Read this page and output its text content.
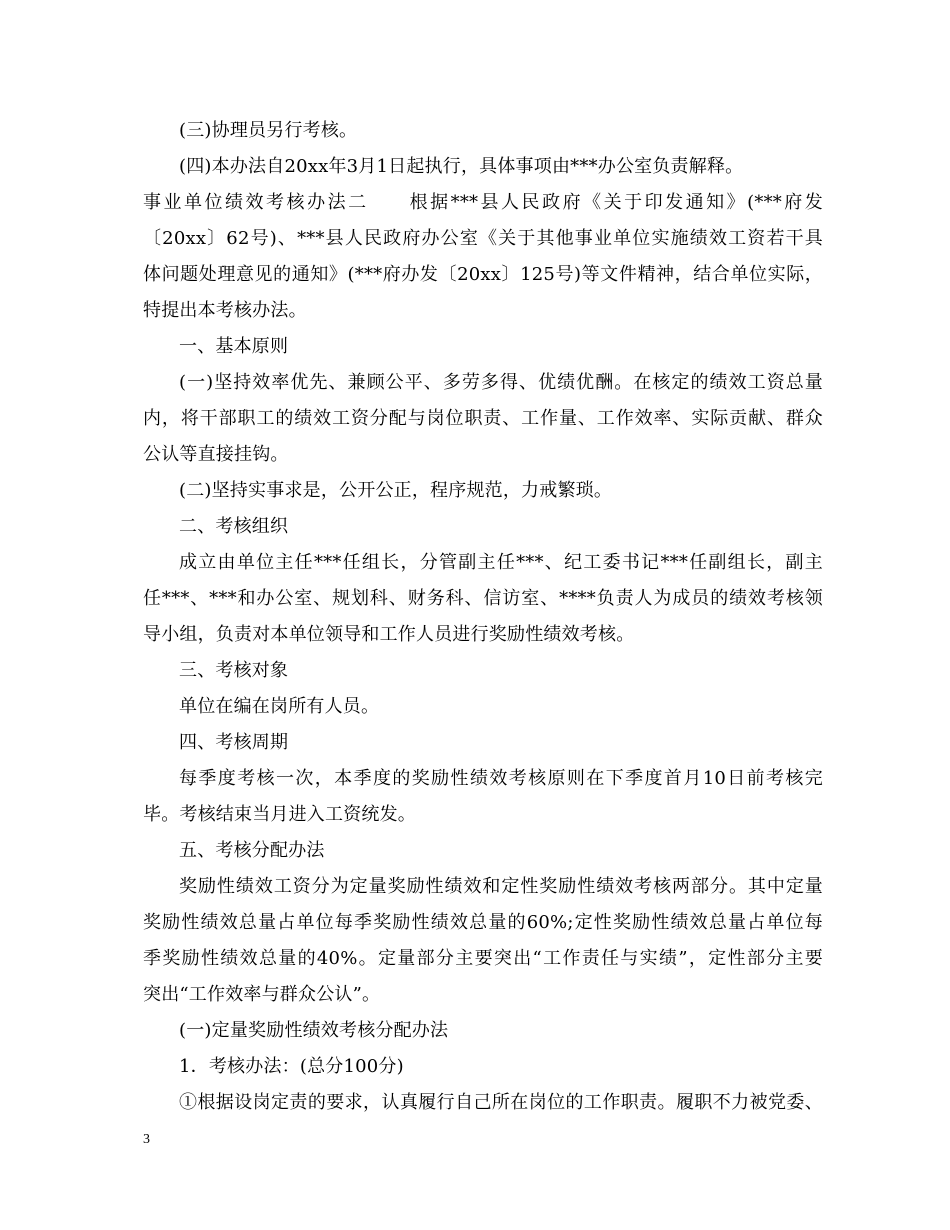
(三)协理员另行考核。
(四)本办法自20xx年3月1日起执行，具体事项由***办公室负责解释。
事业单位绩效考核办法二　　根据***县人民政府《关于印发通知》(***府发
〔20xx〕62号)、***县人民政府办公室《关于其他事业单位实施绩效工资若干具
体问题处理意见的通知》(***府办发〔20xx〕125号)等文件精神，结合单位实际，
特提出本考核办法。
一、基本原则
(一)坚持效率优先、兼顾公平、多劳多得、优绩优酬。在核定的绩效工资总量
内，将干部职工的绩效工资分配与岗位职责、工作量、工作效率、实际贡献、群众
公认等直接挂钩。
(二)坚持实事求是，公开公正，程序规范，力戒繁琐。
二、考核组织
成立由单位主任***任组长，分管副主任***、纪工委书记***任副组长，副主
任***、***和办公室、规划科、财务科、信访室、****负责人为成员的绩效考核领
导小组，负责对本单位领导和工作人员进行奖励性绩效考核。
三、考核对象
单位在编在岗所有人员。
四、考核周期
每季度考核一次，本季度的奖励性绩效考核原则在下季度首月10日前考核完
毕。考核结束当月进入工资统发。
五、考核分配办法
奖励性绩效工资分为定量奖励性绩效和定性奖励性绩效考核两部分。其中定量
奖励性绩效总量占单位每季奖励性绩效总量的60%;定性奖励性绩效总量占单位每
季奖励性绩效总量的40%。定量部分主要突出“工作责任与实绩”，定性部分主要
突出“工作效率与群众公认”。
(一)定量奖励性绩效考核分配办法
1．考核办法：(总分100分)
①根据设岗定责的要求，认真履行自己所在岗位的工作职责。履职不力被党委、
3
